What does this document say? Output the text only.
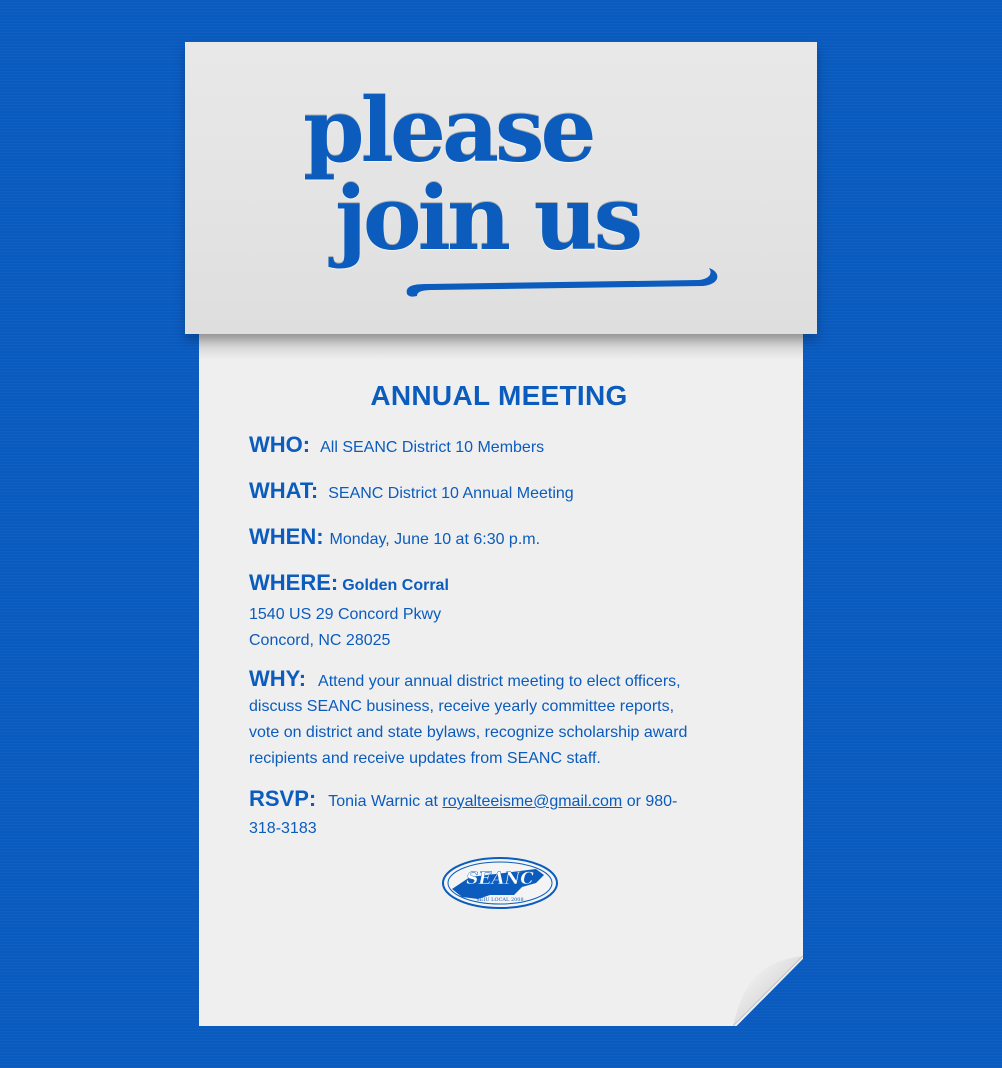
please
join us
ANNUAL MEETING
WHO: All SEANC District 10 Members
WHAT: SEANC District 10 Annual Meeting
WHEN: Monday, June 10 at 6:30 p.m.
WHERE: Golden Corral
1540 US 29 Concord Pkwy
Concord, NC 28025
WHY: Attend your annual district meeting to elect officers,
discuss SEANC business, receive yearly committee reports,
vote on district and state bylaws, recognize scholarship award
recipients and receive updates from SEANC staff.
RSVP: Tonia Warnic at royalteeisme@gmail.com or 980-
318-3183
SEANC
SEIU LOCAL 2008
